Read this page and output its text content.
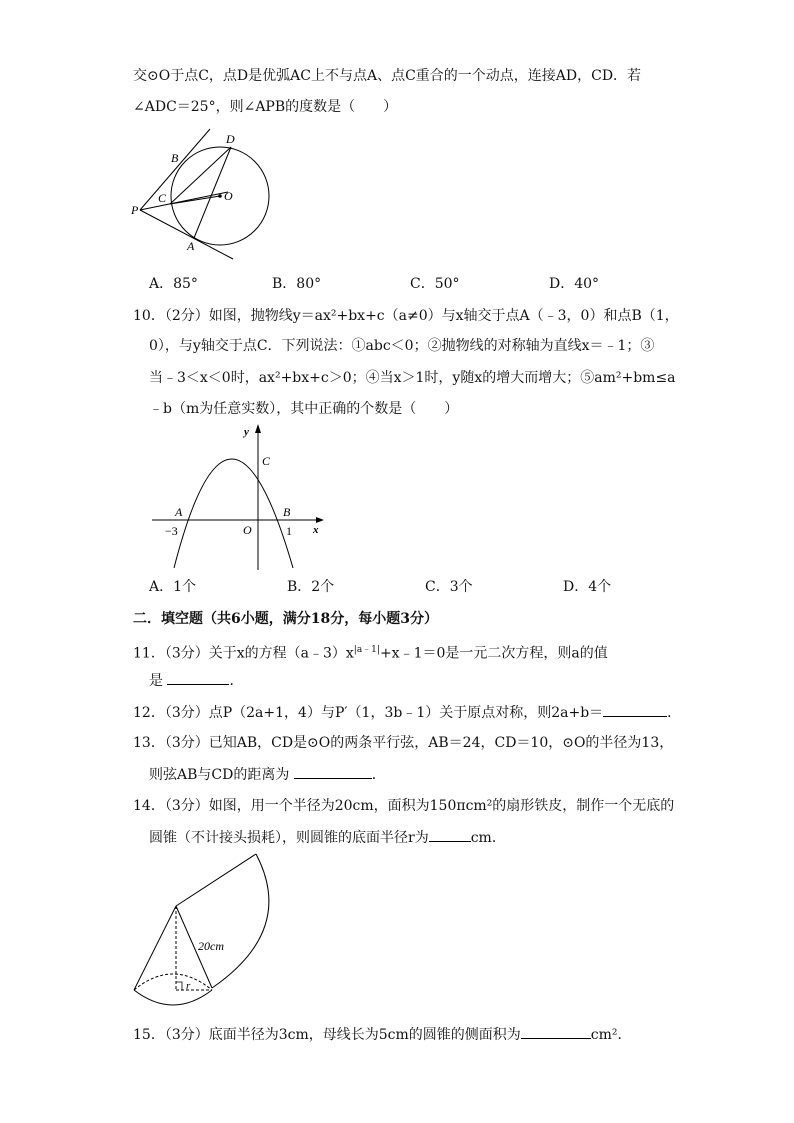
交⊙O于点C，点D是优弧AC上不与点A、点C重合的一个动点，连接AD，CD．若
∠ADC＝25°，则∠APB的度数是（　　）
B
D
C	O
P
A
A．85°	B．80°	C．50°	D．40°
10．（2分）如图，抛物线y＝ax²+bx+c（a≠0）与x轴交于点A（﹣3，0）和点B（1，
0），与y轴交于点C．下列说法：①abc＜0；②抛物线的对称轴为直线x＝﹣1；③
当﹣3＜x＜0时，ax²+bx+c＞0；④当x＞1时，y随x的增大而增大；⑤am²+bm≤a
﹣b（m为任意实数），其中正确的个数是（　　）
y
x
C
A	B
O
−3	1
A．1个	B．2个	C．3个	D．4个
二．填空题（共6小题，满分18分，每小题3分）
11．（3分）关于x的方程$(a﹣3)x^{|a﹣1|}+x﹣1=0$是一元二次方程，则a的值
是	．
12．（3分）点P（2a+1，4）与P′（1，3b﹣1）关于原点对称，则2a+b＝	．
13．（3分）已知AB，CD是⊙O的两条平行弦，AB＝24，CD＝10，⊙O的半径为13，
则弦AB与CD的距离为	．
14．（3分）如图，用一个半径为20cm，面积为150πcm²的扇形铁皮，制作一个无底的
圆锥（不计接头损耗），则圆锥的底面半径r为	cm．
20cm
r
15．（3分）底面半径为3cm，母线长为5cm的圆锥的侧面积为	cm²．
